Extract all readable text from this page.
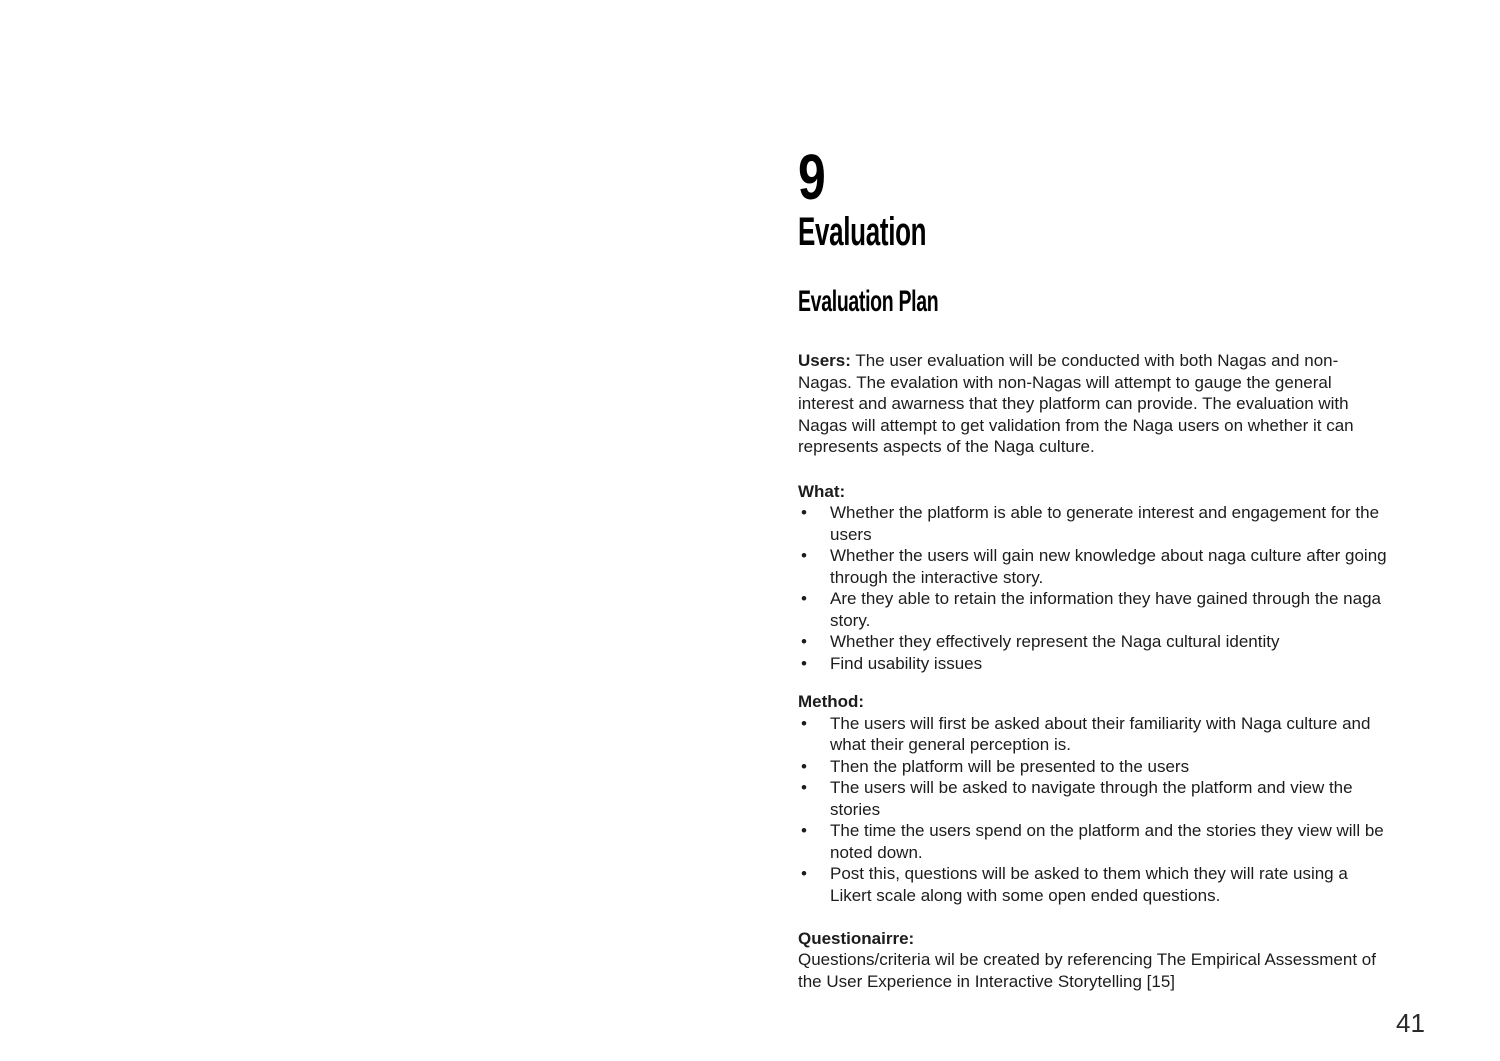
9
Evaluation
Evaluation Plan

Users: The user evaluation will be conducted with both Nagas and non-Nagas. The evalation with non-Nagas will attempt to gauge the general interest and awarness that they platform can provide. The evaluation with Nagas will attempt to get validation from the Naga users on whether it can represents aspects of the Naga culture.

What:
• Whether the platform is able to generate interest and engagement for the users
• Whether the users will gain new knowledge about naga culture after going through the interactive story.
• Are they able to retain the information they have gained through the naga story.
• Whether they effectively represent the Naga cultural identity
• Find usability issues
Method:
• The users will first be asked about their familiarity with Naga culture and what their general perception is.
• Then the platform will be presented to the users
• The users will be asked to navigate through the platform and view the stories
• The time the users spend on the platform and the stories they view will be noted down.
• Post this, questions will be asked to them which they will rate using a Likert scale along with some open ended questions.
Questionairre:

Questions/criteria wil be created by referencing The Empirical Assessment of the User Experience in Interactive Storytelling [15]

41
